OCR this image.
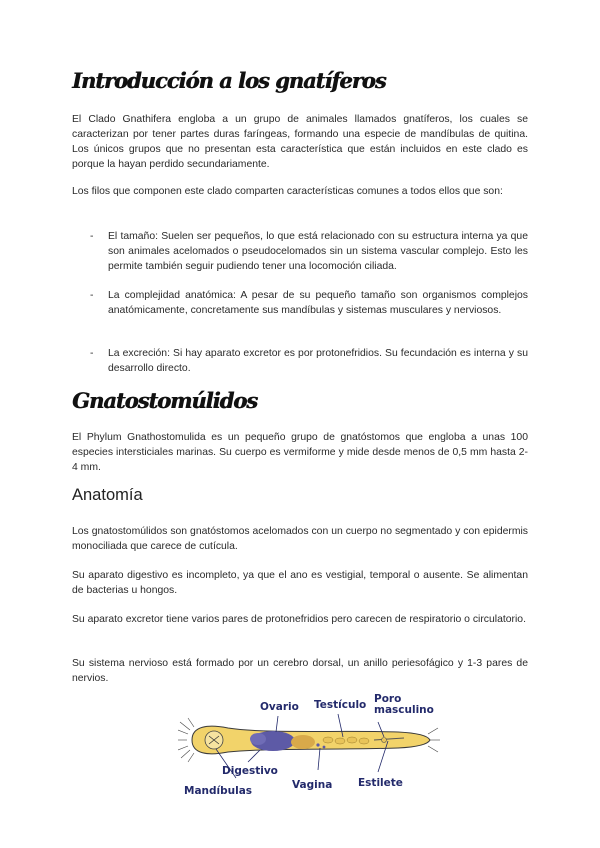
Introducción a los gnatíferos

El Clado Gnathifera engloba a un grupo de animales llamados gnatíferos, los cuales se caracterizan por tener partes duras faríngeas, formando una especie de mandíbulas de quitina. Los únicos grupos que no presentan esta característica que están incluidos en este clado es porque la hayan perdido secundariamente.

Los filos que componen este clado comparten características comunes a todos ellos que son:

- El tamaño: Suelen ser pequeños, lo que está relacionado con su estructura interna ya que son animales acelomados o pseudocelomados sin un sistema vascular complejo. Esto les permite también seguir pudiendo tener una locomoción ciliada.
- La complejidad anatómica: A pesar de su pequeño tamaño son organismos complejos anatómicamente, concretamente sus mandíbulas y sistemas musculares y nerviosos.
- La excreción: Si hay aparato excretor es por protonefridios. Su fecundación es interna y su desarrollo directo.
Gnatostomúlidos

El Phylum Gnathostomulida es un pequeño grupo de gnatóstomos que engloba a unas 100 especies intersticiales marinas. Su cuerpo es vermiforme y mide desde menos de 0,5 mm hasta 2-4 mm.

Anatomía

Los gnatostomúlidos son gnatóstomos acelomados con un cuerpo no segmentado y con epidermis monociliada que carece de cutícula.

Su aparato digestivo es incompleto, ya que el ano es vestigial, temporal o ausente. Se alimentan de bacterias u hongos.

Su aparato excretor tiene varios pares de protonefridios pero carecen de respiratorio o circulatorio.

Su sistema nervioso está formado por un cerebro dorsal, un anillo periesofágico y 1-3 pares de nervios.

Ovario Testículo Poro masculino

Digestivo

Mandíbulas	Vagina Estilete
